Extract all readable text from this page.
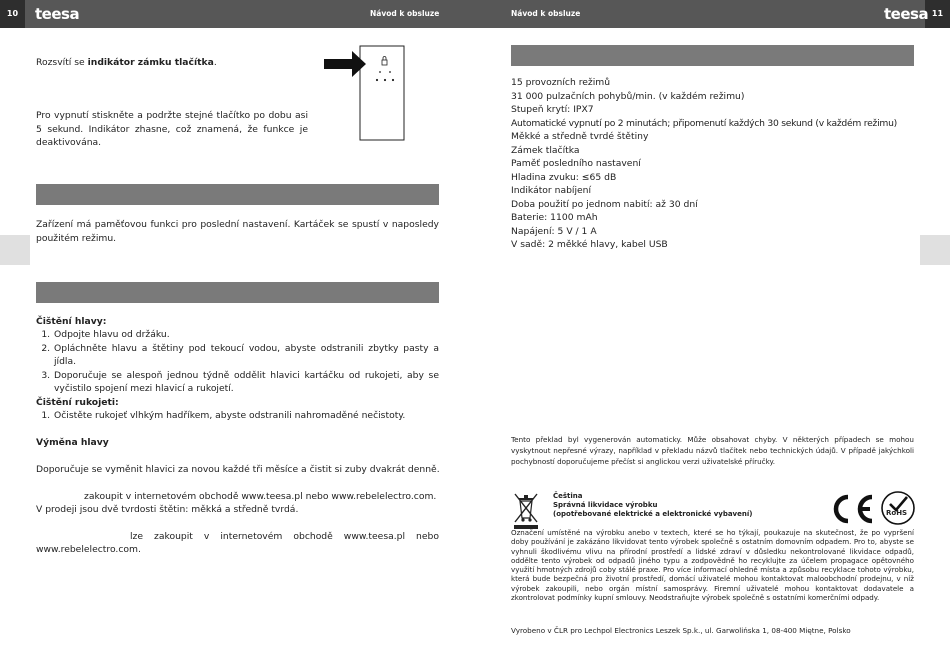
10	11
teesa	teesa
Návod k obsluze	Návod k obsluze
Rozsvítí se indikátor zámku tlačítka.
Pro vypnutí stiskněte a podržte stejné tlačítko po dobu asi 5 sekund. Indikátor zhasne, což znamená, že funkce je deaktivována.
Zařízení má paměťovou funkci pro poslední nastavení. Kartáček se spustí v naposledy použitém režimu.
Čištění hlavy:
1. Odpojte hlavu od držáku.
2. Opláchněte hlavu a štětiny pod tekoucí vodou, abyste odstranili zbytky pasty a jídla.
3. Doporučuje se alespoň jednou týdně oddělit hlavici kartáčku od rukojeti, aby se vyčistilo spojení mezi hlavicí a rukojetí.
Čištění rukojeti:
1. Očistěte rukojeť vlhkým hadříkem, abyste odstranili nahromaděné nečistoty.
Výměna hlavy
Doporučuje se vyměnit hlavici za novou každé tři měsíce a čistit si zuby dvakrát denně.
zakoupit v internetovém obchodě www.teesa.pl nebo www.rebelelectro.com.
V prodeji jsou dvě tvrdosti štětin: měkká a středně tvrdá.
lze zakoupit v internetovém obchodě www.teesa.pl nebo
www.rebelelectro.com.
15 provozních režimů
31 000 pulzačních pohybů/min. (v každém režimu)
Stupeň krytí: IPX7
Automatické vypnutí po 2 minutách; připomenutí každých 30 sekund (v každém režimu)
Měkké a středně tvrdé štětiny
Zámek tlačítka
Paměť posledního nastavení
Hladina zvuku: ≤65 dB
Indikátor nabíjení
Doba použití po jednom nabití: až 30 dní
Baterie: 1100 mAh
Napájení: 5 V / 1 A
V sadě: 2 měkké hlavy, kabel USB
Tento překlad byl vygenerován automaticky. Může obsahovat chyby. V některých případech se mohou vyskytnout nepřesné výrazy, například v překladu názvů tlačítek nebo technických údajů. V případě jakýchkoli pochybností doporučujeme přečíst si anglickou verzi uživatelské příručky.
Čeština
Správná likvidace výrobku
(opotřebované elektrické a elektronické vybavení)	RoHS
Označení umístěné na výrobku anebo v textech, které se ho týkají, poukazuje na skutečnost, že po vypršení doby používání je zakázáno likvidovat tento výrobek společně s ostatním domovním odpadem. Pro to, abyste se vyhnuli škodlivému vlivu na přírodní prostředí a lidské zdraví v důsledku nekontrolované likvidace odpadů, oddělte tento výrobek od odpadů jiného typu a zodpovědně ho recyklujte za účelem propagace opětovného využití hmotných zdrojů coby stálé praxe. Pro více informací ohledně místa a způsobu recyklace tohoto výrobku, která bude bezpečná pro životní prostředí, domácí uživatelé mohou kontaktovat maloobchodní prodejnu, v níž výrobek zakoupili, nebo orgán místní samosprávy. Firemní uživatelé mohou kontaktovat dodavatele a zkontrolovat podmínky kupní smlouvy. Neodstraňujte výrobek společně s ostatními komerčními odpady.
Vyrobeno v ČLR pro Lechpol Electronics Leszek Sp.k., ul. Garwolińska 1, 08-400 Miętne, Polsko
